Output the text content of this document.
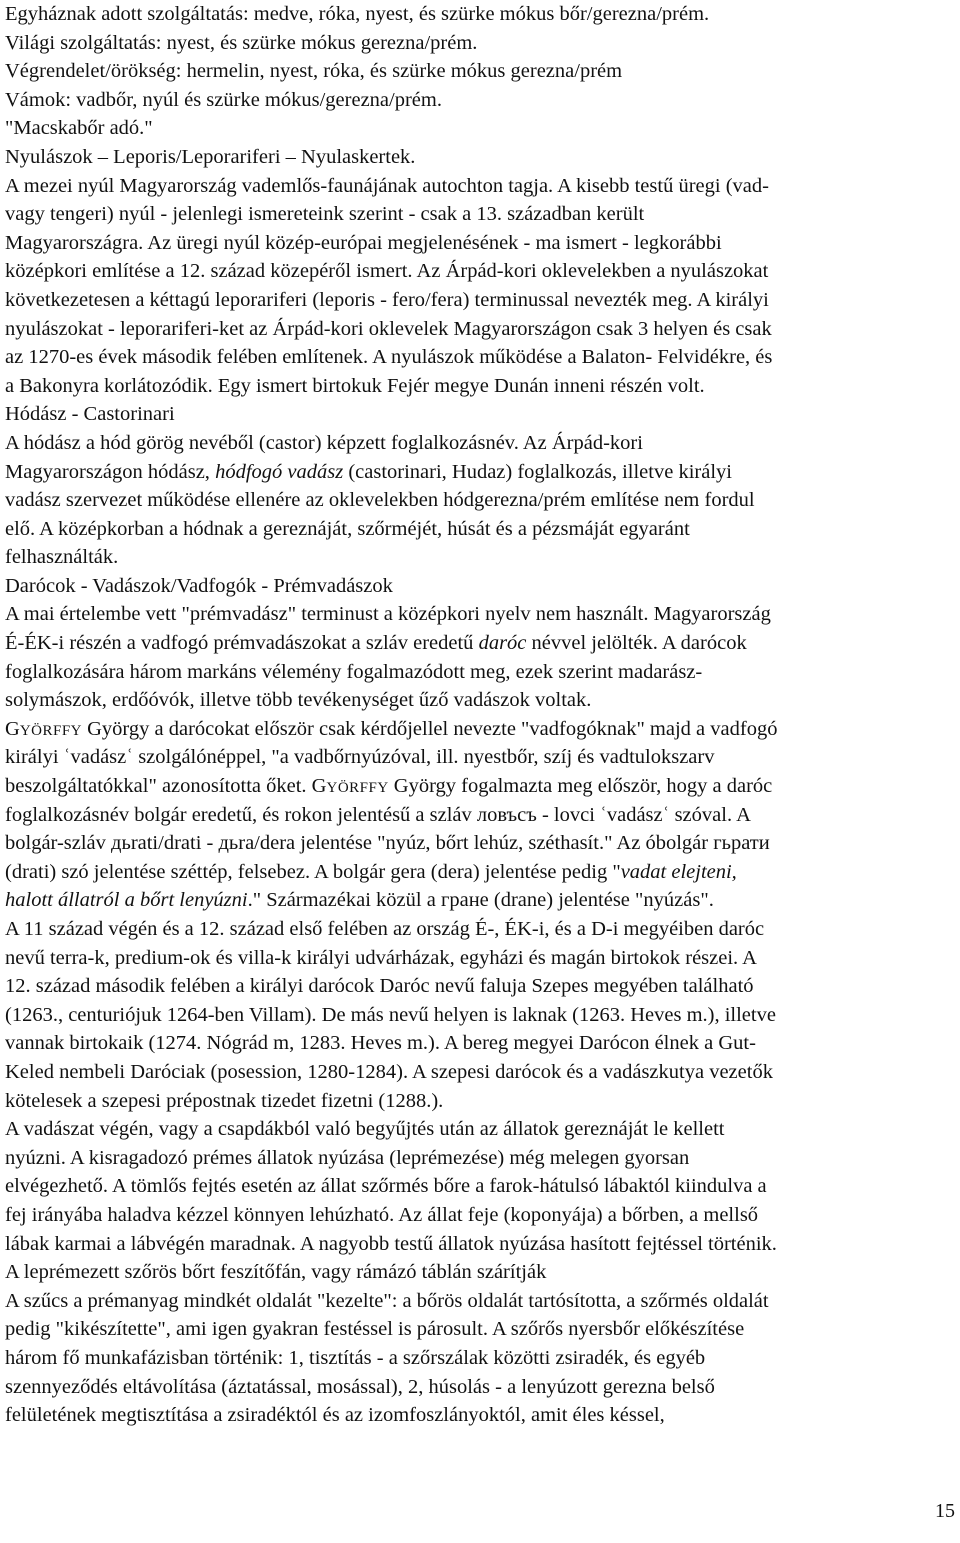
Egyháznak adott szolgáltatás: medve, róka, nyest, és szürke mókus bőr/gerezna/prém.
Világi szolgáltatás: nyest, és szürke mókus gerezna/prém.
Végrendelet/örökség: hermelin, nyest, róka, és szürke mókus gerezna/prém
Vámok: vadbőr, nyúl és szürke mókus/gerezna/prém.
"Macskabőr adó."
Nyulászok – Leporis/Leporariferi – Nyulaskertek.
A mezei nyúl Magyarország vademlős-faunájának autochton tagja. A kisebb testű üregi (vad-
vagy tengeri) nyúl - jelenlegi ismereteink szerint - csak a 13. században került
Magyarországra. Az üregi nyúl közép-európai megjelenésének - ma ismert - legkorábbi
középkori említése a 12. század közepéről ismert. Az Árpád-kori oklevelekben a nyulászokat
következetesen a kéttagú leporariferi (leporis - fero/fera) terminussal nevezték meg. A királyi
nyulászokat - leporariferi-ket az Árpád-kori oklevelek Magyarországon csak 3 helyen és csak
az 1270-es évek második felében említenek. A nyulászok működése a Balaton- Felvidékre, és
a Bakonyra korlátozódik. Egy ismert birtokuk Fejér megye Dunán inneni részén volt.
Hódász - Castorinari
A hódász a hód görög nevéből (castor) képzett foglalkozásnév. Az Árpád-kori
Magyarországon hódász, hódfogó vadász (castorinari, Hudaz) foglalkozás, illetve királyi
vadász szervezet működése ellenére az oklevelekben hódgerezna/prém említése nem fordul
elő. A középkorban a hódnak a gereznáját, szőrméjét, húsát és a pézsmáját egyaránt
felhasználták.
Darócok - Vadászok/Vadfogók - Prémvadászok
A mai értelembe vett "prémvadász" terminust a középkori nyelv nem használt. Magyarország
É-ÉK-i részén a vadfogó prémvadászokat a szláv eredetű daróc névvel jelölték. A darócok
foglalkozására három markáns vélemény fogalmazódott meg, ezek szerint madarász-
solymászok, erdőóvók, illetve több tevékenységet űző vadászok voltak.
GYÖRFFY György a darócokat először csak kérdőjellel nevezte "vadfogóknak" majd a vadfogó
királyi ʿvadászʿ szolgálónéppel, "a vadbőrnyúzóval, ill. nyestbőr, szíj és vadtulokszarv
beszolgáltatókkal" azonosította őket. GYÖRFFY György fogalmazta meg először, hogy a daróc
foglalkozásnév bolgár eredetű, és rokon jelentésű a szláv ловъсъ - lovci ʿvadászʿ szóval. A
bolgár-szláv дьrati/drati - дьra/dera jelentése "nyúz, bőrt lehúz, széthasít." Az óbolgár гьрати
(drati) szó jelentése széttép, felsebez. A bolgár gera (dera) jelentése pedig "vadat elejteni,
halott állatról a bőrt lenyúzni." Származékai közül a гране (drane) jelentése "nyúzás".
A 11 század végén és a 12. század első felében az ország É-, ÉK-i, és a D-i megyéiben daróc
nevű terra-k, predium-ok és villa-k királyi udvárházak, egyházi és magán birtokok részei. A
12. század második felében a királyi darócok Daróc nevű faluja Szepes megyében található
(1263., centuriójuk 1264-ben Villam). De más nevű helyen is laknak (1263. Heves m.), illetve
vannak birtokaik (1274. Nógrád m, 1283. Heves m.). A bereg megyei Darócon élnek a Gut-
Keled nembeli Daróciak (posession, 1280-1284). A szepesi darócok és a vadászkutya vezetők
kötelesek a szepesi prépostnak tizedet fizetni (1288.).
A vadászat végén, vagy a csapdákból való begyűjtés után az állatok gereznáját le kellett
nyúzni. A kisragadozó prémes állatok nyúzása (leprémezése) még melegen gyorsan
elvégezhető. A tömlős fejtés esetén az állat szőrmés bőre a farok-hátulsó lábaktól kiindulva a
fej irányába haladva kézzel könnyen lehúzható. Az állat feje (koponyája) a bőrben, a mellső
lábak karmai a lábvégén maradnak. A nagyobb testű állatok nyúzása hasított fejtéssel történik.
A leprémezett szőrös bőrt feszítőfán, vagy rámázó táblán szárítják
A szűcs a prémanyag mindkét oldalát "kezelte": a bőrös oldalát tartósította, a szőrmés oldalát
pedig "kikészítette", ami igen gyakran festéssel is párosult. A szőrős nyersbőr előkészítése
három fő munkafázisban történik: 1, tisztítás - a szőrszálak közötti zsiradék, és egyéb
szennyeződés eltávolítása (áztatással, mosással), 2, húsolás - a lenyúzott gerezna belső
felületének megtisztítása a zsiradéktól és az izomfoszlányoktól, amit éles késsel,
15
